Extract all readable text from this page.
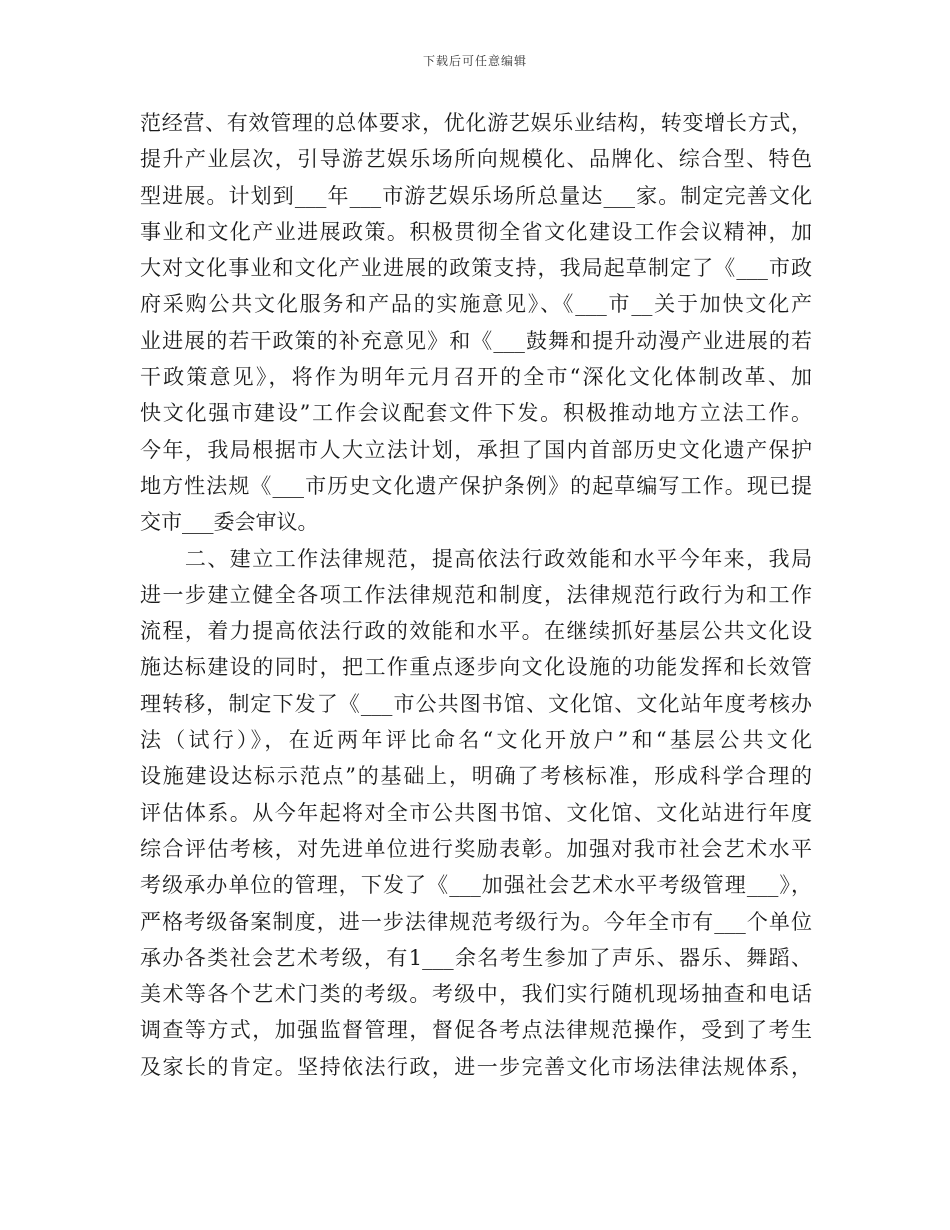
下载后可任意编辑
范经营、有效管理的总体要求，优化游艺娱乐业结构，转变增长方式，
提升产业层次，引导游艺娱乐场所向规模化、品牌化、综合型、特色
型进展。计划到___年___市游艺娱乐场所总量达___家。制定完善文化
事业和文化产业进展政策。积极贯彻全省文化建设工作会议精神，加
大对文化事业和文化产业进展的政策支持，我局起草制定了《___市政
府采购公共文化服务和产品的实施意见》、《___市__关于加快文化产
业进展的若干政策的补充意见》和《___鼓舞和提升动漫产业进展的若
干政策意见》，将作为明年元月召开的全市“深化文化体制改革、加
快文化强市建设”工作会议配套文件下发。积极推动地方立法工作。
今年，我局根据市人大立法计划，承担了国内首部历史文化遗产保护
地方性法规《___市历史文化遗产保护条例》的起草编写工作。现已提
交市___委会审议。
　　二、建立工作法律规范，提高依法行政效能和水平今年来，我局
进一步建立健全各项工作法律规范和制度，法律规范行政行为和工作
流程，着力提高依法行政的效能和水平。在继续抓好基层公共文化设
施达标建设的同时，把工作重点逐步向文化设施的功能发挥和长效管
理转移，制定下发了《___市公共图书馆、文化馆、文化站年度考核办
法（试行）》，在近两年评比命名“文化开放户”和“基层公共文化
设施建设达标示范点”的基础上，明确了考核标准，形成科学合理的
评估体系。从今年起将对全市公共图书馆、文化馆、文化站进行年度
综合评估考核，对先进单位进行奖励表彰。加强对我市社会艺术水平
考级承办单位的管理，下发了《___加强社会艺术水平考级管理___》，
严格考级备案制度，进一步法律规范考级行为。今年全市有___个单位
承办各类社会艺术考级，有1___余名考生参加了声乐、器乐、舞蹈、
美术等各个艺术门类的考级。考级中，我们实行随机现场抽查和电话
调查等方式，加强监督管理，督促各考点法律规范操作，受到了考生
及家长的肯定。坚持依法行政，进一步完善文化市场法律法规体系，
